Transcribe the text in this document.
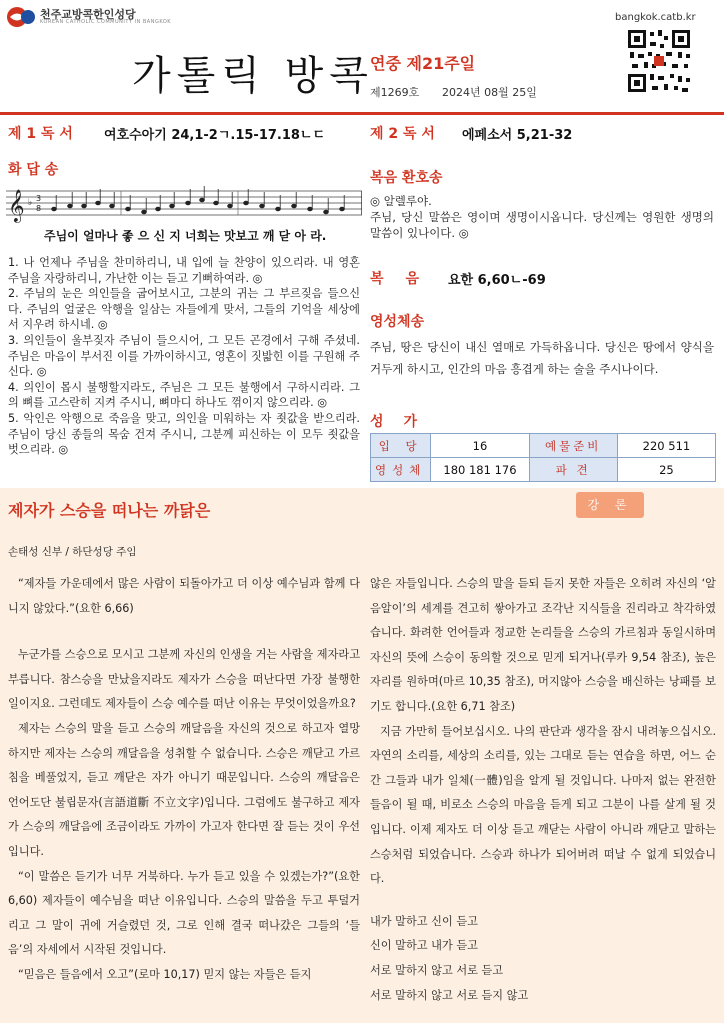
천주교방콕한인성당
KOREAN CATHOLIC COMMUNITY IN BANGKOK	bangkok.catb.kr
가톨릭 방콕
연중 제21주일
제1269호 2024년 08월 25일
제 1 독 서 여호수아기 24,1-2ㄱ.15-17.18ㄴㄷ
화 답 송
𝄞 ♭ 3
8
주님이 얼마나 좋 으 신 지 너희는 맛보고 깨 닫 아 라.

1. 나 언제나 주님을 찬미하리니, 내 입에 늘 찬양이 있으리라. 내 영혼 주님을 자랑하리니, 가난한 이는 듣고 기뻐하여라. ◎

2. 주님의 눈은 의인들을 굽어보시고, 그분의 귀는 그 부르짖음 들으신다. 주님의 얼굴은 악행을 일삼는 자들에게 맞서, 그들의 기억을 세상에서 지우려 하시네. ◎

3. 의인들이 울부짖자 주님이 들으시어, 그 모든 곤경에서 구해 주셨네. 주님은 마음이 부서진 이를 가까이하시고, 영혼이 짓밟힌 이를 구원해 주신다. ◎

4. 의인이 몹시 불행할지라도, 주님은 그 모든 불행에서 구하시리라. 그의 뼈를 고스란히 지켜 주시니, 뼈마디 하나도 꺾이지 않으리라. ◎

5. 악인은 악행으로 죽음을 맞고, 의인을 미워하는 자 죗값을 받으리라. 주님이 당신 종들의 목숨 건져 주시니, 그분께 피신하는 이 모두 죗값을 벗으리라. ◎

제 2 독 서 에페소서 5,21-32
복음 환호송
◎ 알렐루야.
주님, 당신 말씀은 영이며 생명이시옵니다. 당신께는 영원한 생명의 말씀이 있나이다. ◎
복음 요한 6,60ㄴ-69
영성체송
주님, 땅은 당신이 내신 열매로 가득하옵니다. 당신은 땅에서 양식을 거두게 하시고, 인간의 마음 흥겹게 하는 술을 주시나이다.
성가
입 당	16	예물준비	220 511
영성체	180 181 176	파 견	25
강 론
제자가 스승을 떠나는 까닭은
손태성 신부 / 하단성당 주임

“제자들 가운데에서 많은 사람이 되돌아가고 더 이상 예수님과 함께 다니지 않았다.”(요한 6,66)

누군가를 스승으로 모시고 그분께 자신의 인생을 거는 사람을 제자라고 부릅니다. 참스승을 만났을지라도 제자가 스승을 떠난다면 가장 불행한 일이지요. 그런데도 제자들이 스승 예수를 떠난 이유는 무엇이었을까요?

제자는 스승의 말을 듣고 스승의 깨달음을 자신의 것으로 하고자 열망하지만 제자는 스승의 깨달음을 성취할 수 없습니다. 스승은 깨닫고 가르침을 베풀었지, 듣고 깨닫은 자가 아니기 때문입니다. 스승의 깨달음은 언어도단 불립문자(言語道斷 不立文字)입니다. 그럼에도 불구하고 제자가 스승의 깨달음에 조금이라도 가까이 가고자 한다면 잘 듣는 것이 우선입니다.

“이 말씀은 듣기가 너무 거북하다. 누가 듣고 있을 수 있겠는가?”(요한 6,60) 제자들이 예수님을 떠난 이유입니다. 스승의 말씀을 두고 투덜거리고 그 말이 귀에 거슬렸던 것, 그로 인해 결국 떠나갔은 그들의 ‘들음’의 자세에서 시작된 것입니다.

“믿음은 들음에서 오고”(로마 10,17) 믿지 않는 자들은 듣지

않은 자들입니다. 스승의 말을 듣되 듣지 못한 자들은 오히려 자신의 ‘알음알이’의 세계를 견고히 쌓아가고 조각난 지식들을 진리라고 착각하였습니다. 화려한 언어들과 정교한 논리들을 스승의 가르침과 동일시하며 자신의 뜻에 스승이 동의할 것으로 믿게 되거나(루카 9,54 참조), 높은 자리를 원하며(마르 10,35 참조), 머지않아 스승을 배신하는 낭패를 보기도 합니다.(요한 6,71 참조)

지금 가만히 들어보십시오. 나의 판단과 생각을 잠시 내려놓으십시오. 자연의 소리를, 세상의 소리를, 있는 그대로 듣는 연습을 하면, 어느 순간 그들과 내가 일체(一體)임을 알게 될 것입니다. 나마저 없는 완전한 들음이 될 때, 비로소 스승의 마음을 듣게 되고 그분이 나를 살게 될 것입니다. 이제 제자도 더 이상 듣고 깨닫는 사람이 아니라 깨닫고 말하는 스승처럼 되었습니다. 스승과 하나가 되어버려 떠날 수 없게 되었습니다.

내가 말하고 신이 듣고
신이 말하고 내가 듣고
서로 말하지 않고 서로 듣고
서로 말하지 않고 서로 듣지 않고
